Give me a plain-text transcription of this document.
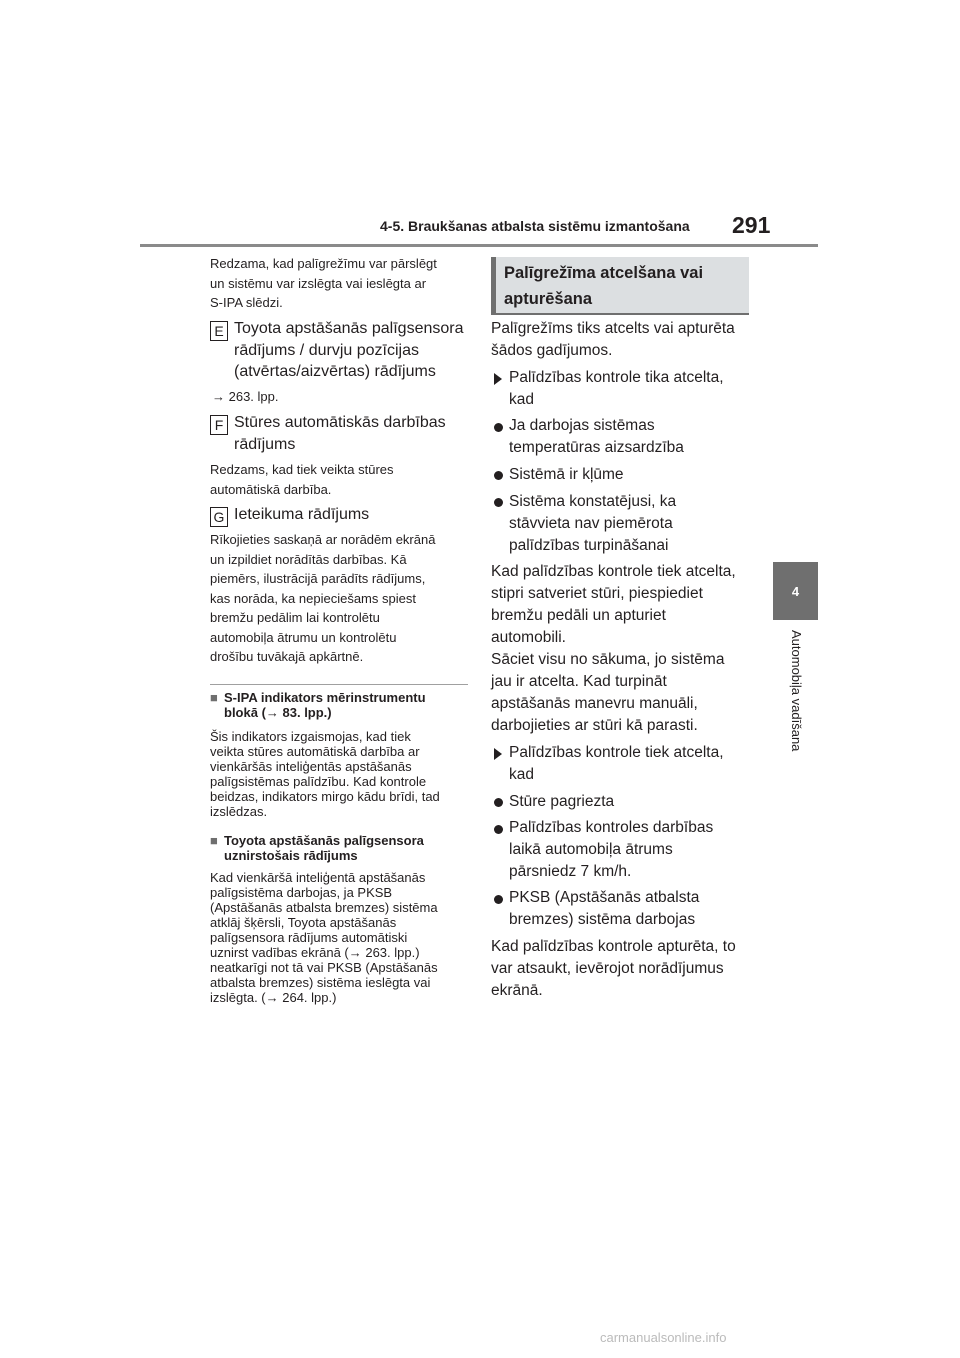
4-5. Braukšanas atbalsta sistēmu izmantošana 291
4
Automobiļa vadīšana
Redzama, kad palīgrežīmu var pārslēgt
un sistēmu var izslēgta vai ieslēgta ar
S-IPA slēdzi.
E Toyota apstāšanās palīgsensora
rādījums / durvju pozīcijas
(atvērtas/aizvērtas) rādījums
→ 263. lpp.
F Stūres automātiskās darbības
rādījums
Redzams, kad tiek veikta stūres
automātiskā darbība.
G Ieteikuma rādījums
Rīkojieties saskaņā ar norādēm ekrānā
un izpildiet norādītās darbības. Kā
piemērs, ilustrācijā parādīts rādījums,
kas norāda, ka nepieciešams spiest
bremžu pedālim lai kontrolētu
automobiļa ātrumu un kontrolētu
drošību tuvākajā apkārtnē.
■ S-IPA indikators mērinstrumentu
blokā (→ 83. lpp.)
Šis indikators izgaismojas, kad tiek
veikta stūres automātiskā darbība ar
vienkāršās inteliģentās apstāšanās
palīgsistēmas palīdzību. Kad kontrole
beidzas, indikators mirgo kādu brīdi, tad
izslēdzas.
■ Toyota apstāšanās palīgsensora
uznirstošais rādījums
Kad vienkāršā inteliģentā apstāšanās
palīgsistēma darbojas, ja PKSB
(Apstāšanās atbalsta bremzes) sistēma
atklāj šķērsli, Toyota apstāšanās
palīgsensora rādījums automātiski
uznirst vadības ekrānā (→ 263. lpp.)
neatkarīgi not tā vai PKSB (Apstāšanās
atbalsta bremzes) sistēma ieslēgta vai
izslēgta. (→ 264. lpp.)
Palīgrežīma atcelšana vai
apturēšana
Palīgrežīms tiks atcelts vai apturēta
šādos gadījumos.
Palīdzības kontrole tika atcelta,
kad
Ja darbojas sistēmas
temperatūras aizsardzība
Sistēmā ir kļūme
Sistēma konstatējusi, ka
stāvvieta nav piemērota
palīdzības turpināšanai
Kad palīdzības kontrole tiek atcelta,
stipri satveriet stūri, piespiediet
bremžu pedāli un apturiet
automobili.
Sāciet visu no sākuma, jo sistēma
jau ir atcelta. Kad turpināt
apstāšanās manevru manuāli,
darbojieties ar stūri kā parasti.
Palīdzības kontrole tiek atcelta,
kad
Stūre pagriezta
Palīdzības kontroles darbības
laikā automobiļa ātrums
pārsniedz 7 km/h.
PKSB (Apstāšanās atbalsta
bremzes) sistēma darbojas
Kad palīdzības kontrole apturēta, to
var atsaukt, ievērojot norādījumus
ekrānā.
carmanualsonline.info
